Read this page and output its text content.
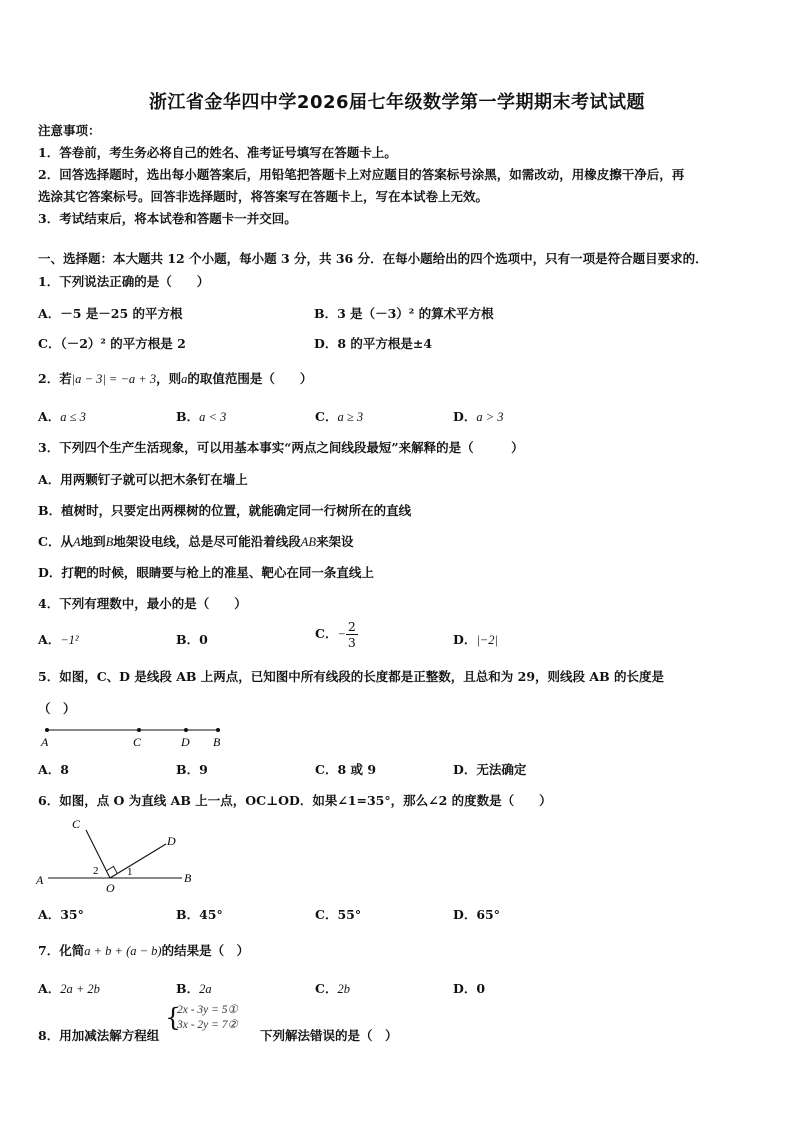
浙江省金华四中学2026届七年级数学第一学期期末考试试题
注意事项：
1．答卷前，考生务必将自己的姓名、准考证号填写在答题卡上。
2．回答选择题时，选出每小题答案后，用铅笔把答题卡上对应题目的答案标号涂黑，如需改动，用橡皮擦干净后，再
选涂其它答案标号。回答非选择题时，将答案写在答题卡上，写在本试卷上无效。
3．考试结束后，将本试卷和答题卡一并交回。
一、选择题：本大题共 12 个小题，每小题 3 分，共 36 分．在每小题给出的四个选项中，只有一项是符合题目要求的．
1．下列说法正确的是（　　）
A．－5 是－25 的平方根	B．3 是（－3）² 的算术平方根
C．（－2）² 的平方根是 2	D．8 的平方根是±4
2．若|a − 3| = −a + 3，则a的取值范围是（　　）
A．a ≤ 3	B．a < 3	C．a ≥ 3	D．a > 3
3．下列四个生产生活现象，可以用基本事实“两点之间线段最短”来解释的是（　　　）
A．用两颗钉子就可以把木条钉在墙上
B．植树时，只要定出两棵树的位置，就能确定同一行树所在的直线
C．从A地到B地架设电线，总是尽可能沿着线段AB来架设
D．打靶的时候，眼睛要与枪上的准星、靶心在同一条直线上
4．下列有理数中，最小的是（　　）
A．−1²	B．0	C．− $\frac{2}{3}$	D．|−2|
5．如图，C、D 是线段 AB 上两点，已知图中所有线段的长度都是正整数，且总和为 29，则线段 AB 的长度是
（　）
A	C	D B
A．8	B．9	C．8 或 9	D．无法确定
6．如图，点 O 为直线 AB 上一点，OC⊥OD．如果∠1=35°，那么∠2 的度数是（　　）
A	B
C
D
O
1
2
A．35°	B．45°	C．55°	D．65°
7．化简a + b + (a − b)的结果是（　）
A．2a + 2b	B．2a	C．2b	D．0
8．用加减法解方程组
{
2x - 3y = 5①
3x - 2y = 7②
下列解法错误的是（　）
